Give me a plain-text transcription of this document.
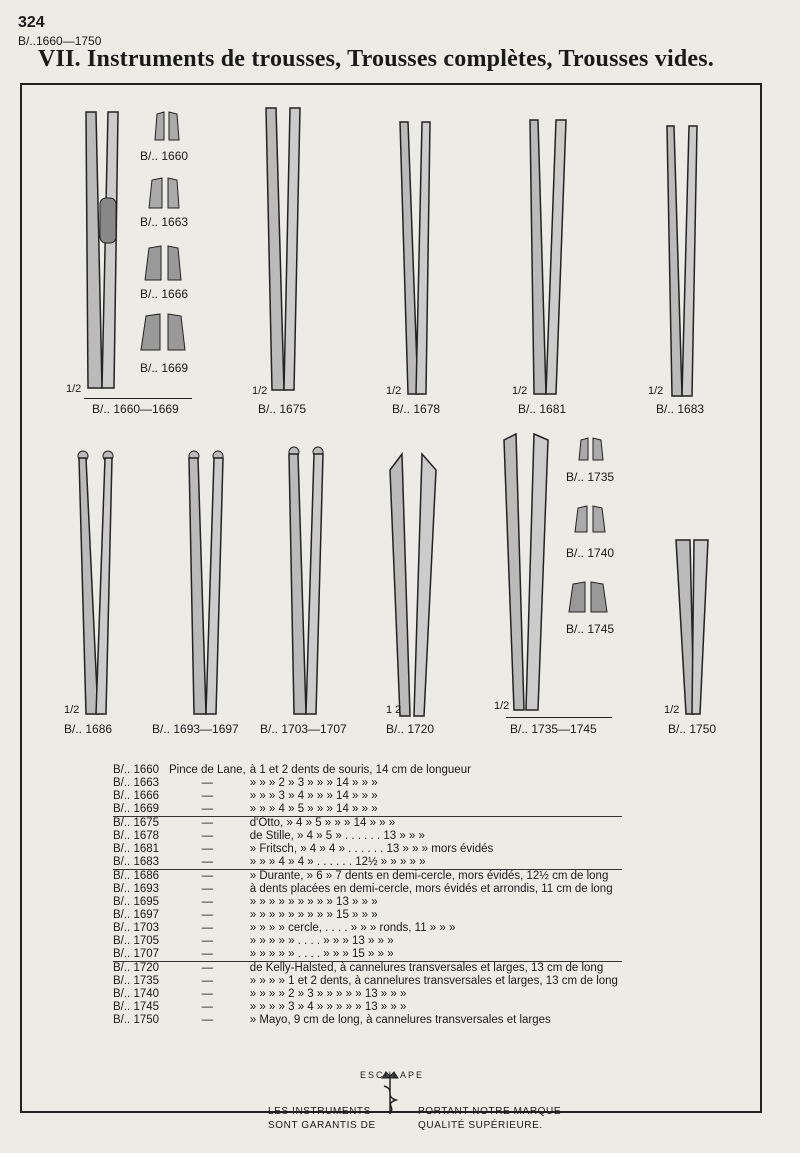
324
B/..1660—1750
VII. Instruments de trousses, Trousses complètes, Trousses vides.
B/.. 1660
B/.. 1663
B/.. 1666
B/.. 1669
1/2	1/2	1/2	1/2	1/2
B/.. 1660—1669	B/.. 1675	B/.. 1678	B/.. 1681	B/.. 1683
B/.. 1735
B/.. 1740
B/.. 1745
1/2	1 2	1/2	1/2
B/.. 1686	B/.. 1693—1697 B/.. 1703—1707	B/.. 1720	B/.. 1735—1745	B/.. 1750
B/.. 1660	Pince de Lane,	à 1 et 2 dents de souris, 14 cm de longueur
B/.. 1663	—	» » » 2 » 3 » » » 14 » » »
B/.. 1666	—	» » » 3 » 4 » » » 14 » » »
B/.. 1669	—	» » » 4 » 5 » » » 14 » » »
B/.. 1675	—	d'Otto, » 4 » 5 » » » 14 » » »
B/.. 1678	—	de Stille, » 4 » 5 » . . . . . . 13 » » »
B/.. 1681	—	» Fritsch, » 4 » 4 » . . . . . . 13 » » » mors évidés
B/.. 1683	—	» » » 4 » 4 » . . . . . . 12½ » » » » »
B/.. 1686	—	» Durante, » 6 » 7 dents en demi-cercle, mors évidés, 12½ cm de long
B/.. 1693	—	à dents placées en demi-cercle, mors évidés et arrondis, 11 cm de long
B/.. 1695	—	» » » » » » » » » 13 » » »
B/.. 1697	—	» » » » » » » » » 15 » » »
B/.. 1703	—	» » » » cercle, . . . . » » » ronds, 11 » » »
B/.. 1705	—	» » » » » . . . . » » » 13 » » »
B/.. 1707	—	» » » » » . . . . » » » 15 » » »
B/.. 1720	—	de Kelly-Halsted, à cannelures transversales et larges, 13 cm de long
B/.. 1735	—	» » » » 1 et 2 dents, à cannelures transversales et larges, 13 cm de long
B/.. 1740	—	» » » » 2 » 3 » » » » » 13 » » »
B/.. 1745	—	» » » » 3 » 4 » » » » » 13 » » »
B/.. 1750	—	» Mayo, 9 cm de long, à cannelures transversales et larges
ESCULAPE
LES INSTRUMENTS	PORTANT NOTRE MARQUE
SONT GARANTIS DE	QUALITÉ SUPÉRIEURE.
